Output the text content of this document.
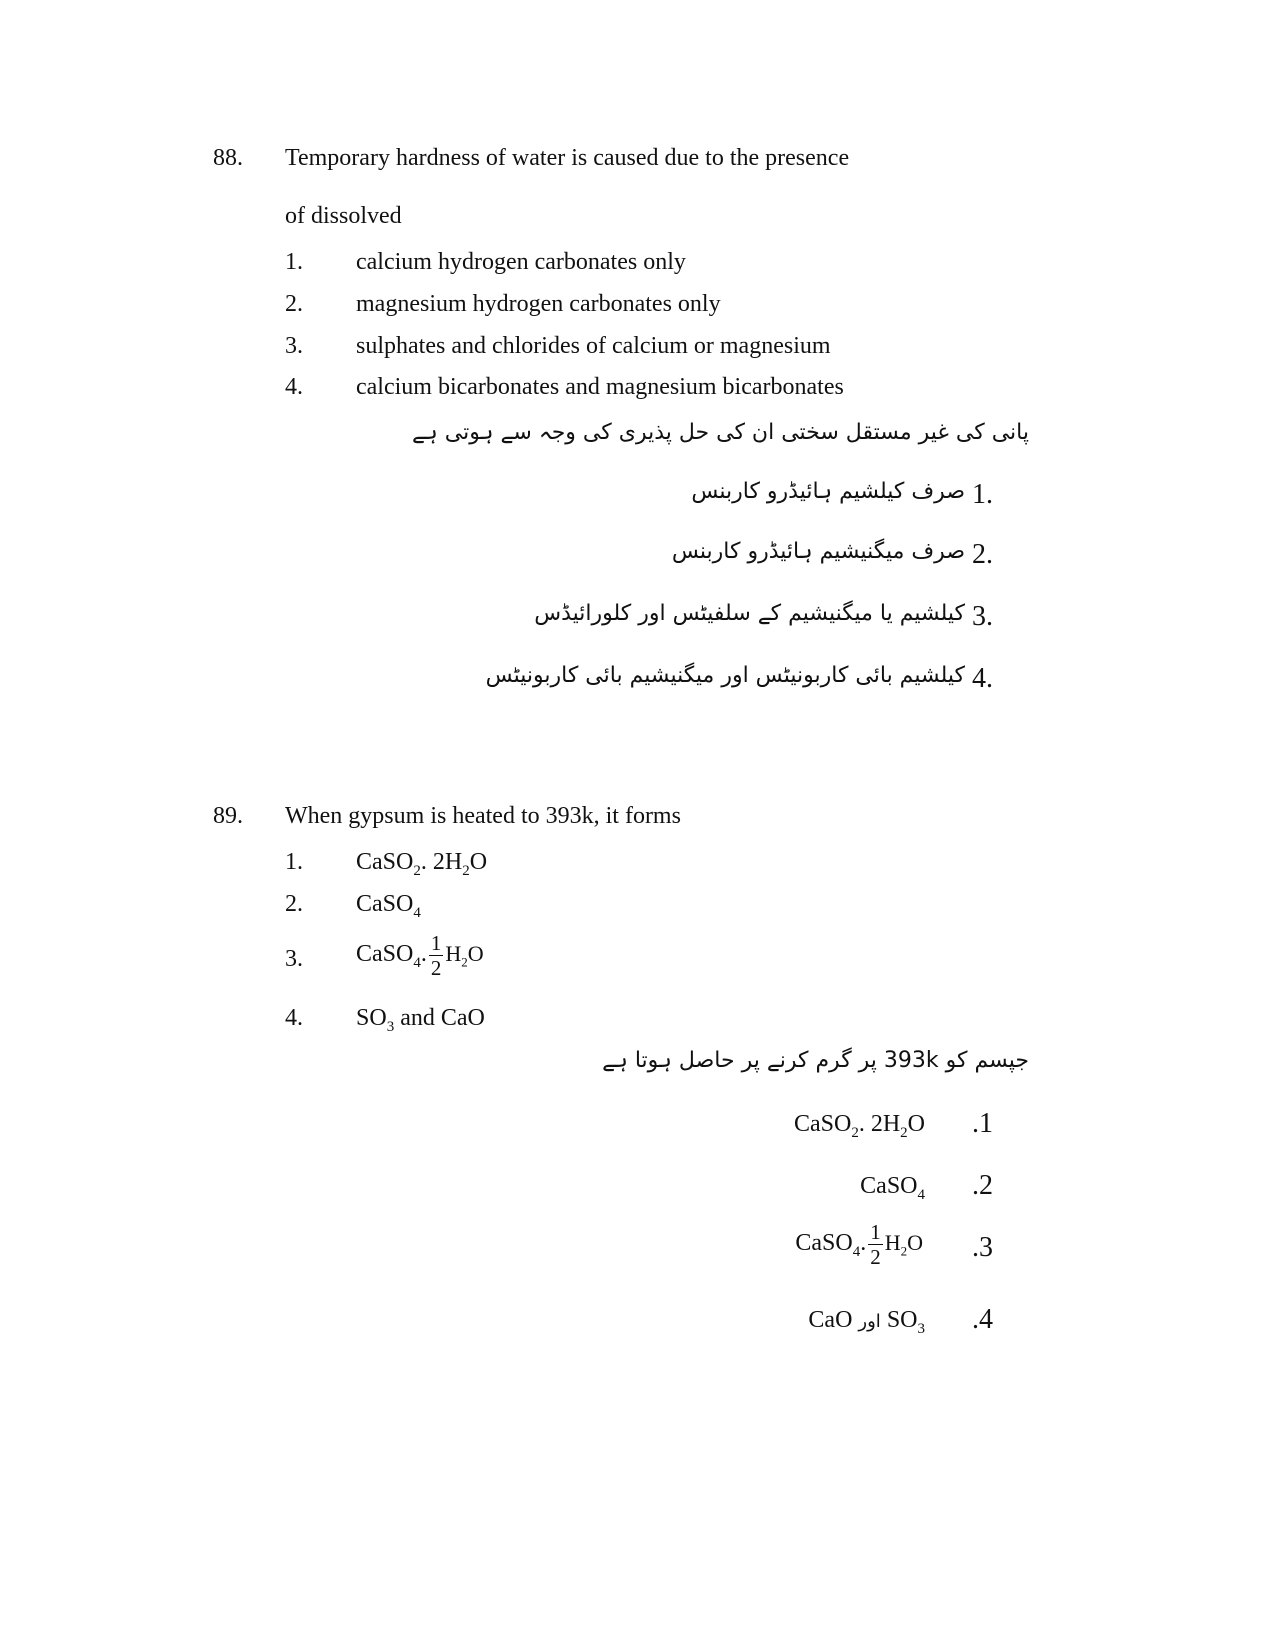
88. Temporary hardness of water is caused due to the presence
of dissolved
1. calcium hydrogen carbonates only
2. magnesium hydrogen carbonates only
3. sulphates and chlorides of calcium or magnesium
4. calcium bicarbonates and magnesium bicarbonates
پانی کی غیر مستقل سختی ان کی حل پذیری کی وجہ سے ہوتی ہے
1.
صرف کیلشیم ہائیڈرو کاربنس
2.
صرف میگنیشیم ہائیڈرو کاربنس
3.
کیلشیم یا میگنیشیم کے سلفیٹس اور کلورائیڈس
4.
کیلشیم بائی کاربونیٹس اور میگنیشیم بائی کاربونیٹس
89. When gypsum is heated to 393k, it forms
1. CaSO$_2$. $2H_2O$
2. CaSO$_4$
3. CaSO$_4$. $\frac{1}{2} H_2O$
4. $SO_3$ and CaO
جپسم کو 393k پر گرم کرنے پر حاصل ہوتا ہے
.1
CaSO$_2$. $2H_2O$
.2
CaSO$_4$
.3
CaSO$_4$. $\frac{1}{2} H_2O$
.4
CaO اور $SO_3$
